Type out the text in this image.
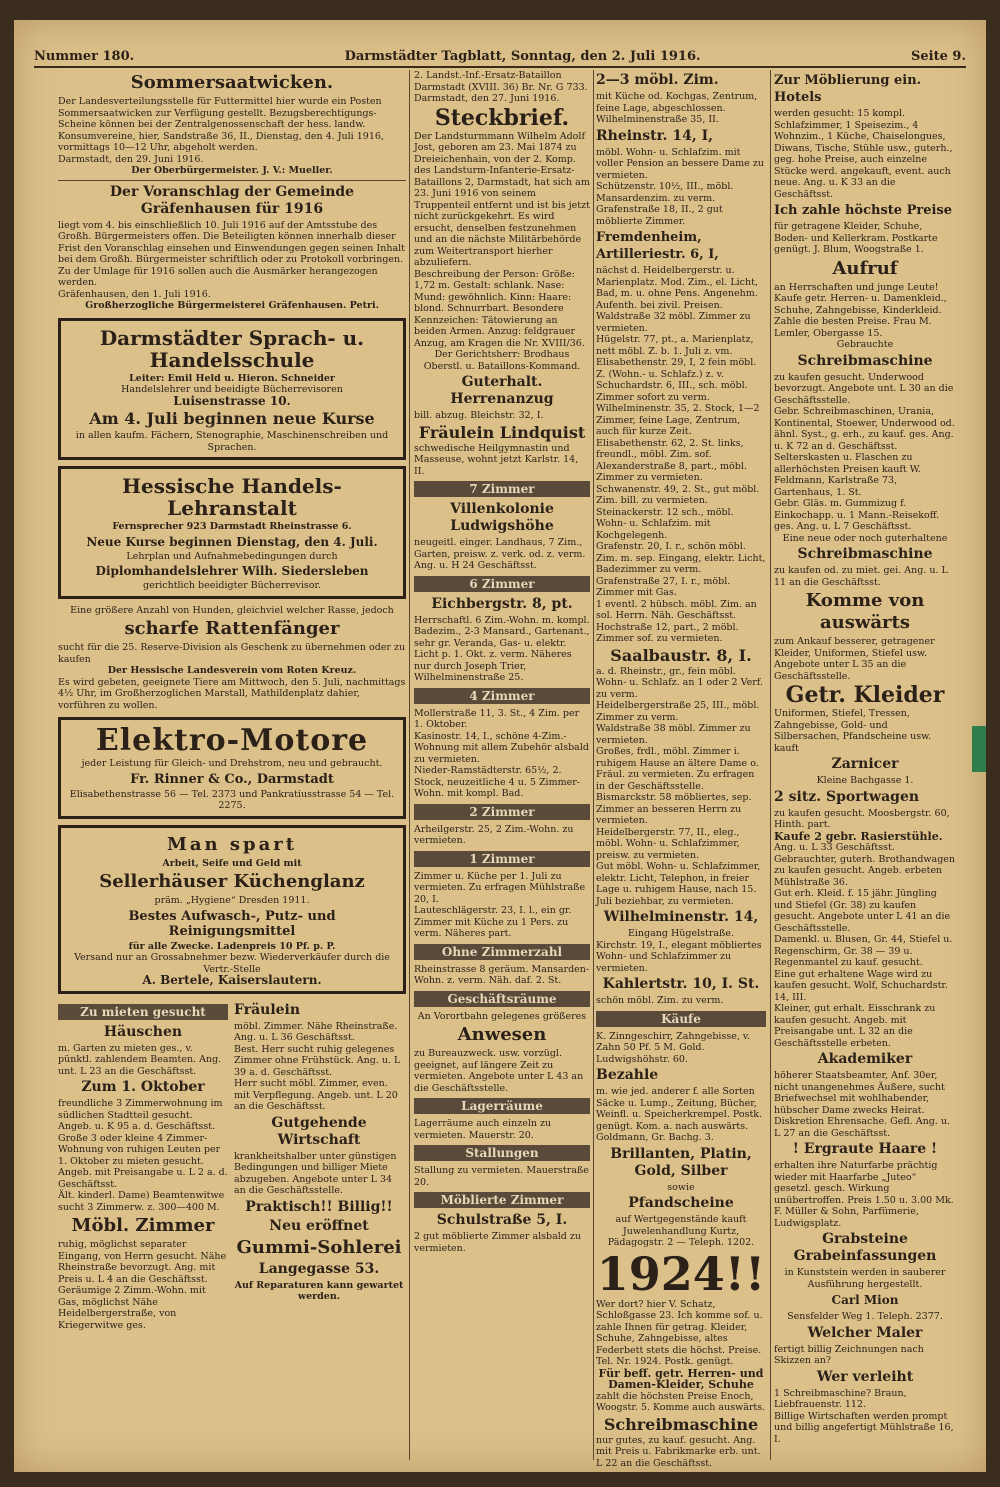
Nummer 180.	Darmstädter Tagblatt, Sonntag, den 2. Juli 1916.	Seite 9.
Sommersaatwicken.

Der Landesverteilungsstelle für Futtermittel hier wurde ein Posten Sommersaatwicken zur Verfügung gestellt. Bezugsberechtigungs-Scheine können bei der Zentralgenossenschaft der hess. landw. Konsumvereine, hier, Sandstraße 36, II., Dienstag, den 4. Juli 1916, vormittags 10—12 Uhr, abgeholt werden.

Darmstadt, den 29. Juni 1916.

Der Oberbürgermeister. J. V.: Mueller.

Der Voranschlag der Gemeinde Gräfenhausen für 1916

liegt vom 4. bis einschließlich 10. Juli 1916 auf der Amtsstube des Großh. Bürgermeisters offen. Die Beteiligten können innerhalb dieser Frist den Voranschlag einsehen und Einwendungen gegen seinen Inhalt bei dem Großh. Bürgermeister schriftlich oder zu Protokoll vorbringen. Zu der Umlage für 1916 sollen auch die Ausmärker herangezogen werden.

Gräfenhausen, den 1. Juli 1916.

Großherzogliche Bürgermeisterei Gräfenhausen. Petri.

Darmstädter Sprach- u. Handelsschule

Leiter: Emil Held u. Hieron. Schneider

Handelslehrer und beeidigte Bücherrevisoren

Luisenstrasse 10.

Am 4. Juli beginnen neue Kurse

in allen kaufm. Fächern, Stenographie, Maschinenschreiben und Sprachen.

Hessische Handels-Lehranstalt

Fernsprecher 923 Darmstadt Rheinstrasse 6.

Neue Kurse beginnen Dienstag, den 4. Juli.

Lehrplan und Aufnahmebedingungen durch

Diplomhandelslehrer Wilh. Siedersleben

gerichtlich beeidigter Bücherrevisor.

Eine größere Anzahl von Hunden, gleichviel welcher Rasse, jedoch

scharfe Rattenfänger

sucht für die 25. Reserve-Division als Geschenk zu übernehmen oder zu kaufen

Der Hessische Landesverein vom Roten Kreuz.

Es wird gebeten, geeignete Tiere am Mittwoch, den 5. Juli, nachmittags 4½ Uhr, im Großherzoglichen Marstall, Mathildenplatz dahier, vorführen zu wollen.

Elektro-Motore

jeder Leistung für Gleich- und Drehstrom, neu und gebraucht.

Fr. Rinner & Co., Darmstadt

Elisabethenstrasse 56 — Tel. 2373 und Pankratiusstrasse 54 — Tel. 2275.

Man spart

Arbeit, Seife und Geld mit

Sellerhäuser Küchenglanz

präm. „Hygiene“ Dresden 1911.

Bestes Aufwasch-, Putz- und Reinigungsmittel

für alle Zwecke. Ladenpreis 10 Pf. p. P.

Versand nur an Grossabnehmer bezw. Wiederverkäufer durch die Vertr.-Stelle

A. Bertele, Kaiserslautern.

Zu mieten gesucht
Häuschen

m. Garten zu mieten ges., v. pünktl. zahlendem Beamten. Ang. unt. L 23 an die Geschäftsst.

Zum 1. Oktober

freundliche 3 Zimmerwohnung im südlichen Stadtteil gesucht. Angeb. u. K 95 a. d. Geschäftsst.

Große 3 oder kleine 4 Zimmer-Wohnung von ruhigen Leuten per 1. Oktober zu mieten gesucht. Angeb. mit Preisangabe u. L 2 a. d. Geschäftsst.

Ält. kinderl. Dame) Beamtenwitwe sucht 3 Zimmerw. z. 300—400 M.

Möbl. Zimmer

ruhig, möglichst separater Eingang, von Herrn gesucht. Nähe Rheinstraße bevorzugt. Ang. mit Preis u. L 4 an die Geschäftsst.

Geräumige 2 Zimm.-Wohn. mit Gas, möglichst Nähe Heidelbergerstraße, von Kriegerwitwe ges.

Fräulein

möbl. Zimmer. Nähe Rheinstraße. Ang. u. L 36 Geschäftsst.

Best. Herr sucht ruhig gelegenes Zimmer ohne Frühstück. Ang. u. L 39 a. d. Geschäftsst.

Herr sucht möbl. Zimmer, even. mit Verpflegung. Angeb. unt. L 20 an die Geschäftsst.

Gutgehende Wirtschaft

krankheitshalber unter günstigen Bedingungen und billiger Miete abzugeben. Angebote unter L 34 an die Geschäftsstelle.

Praktisch!! Billig!!
Neu eröffnet
Gummi-Sohlerei
Langegasse 53.

Auf Reparaturen kann gewartet werden.

2. Landst.-Inf.-Ersatz-Bataillon Darmstadt (XVIII. 36) Br. Nr. G 733.

Darmstadt, den 27. Juni 1916.

Steckbrief.

Der Landsturmmann Wilhelm Adolf Jost, geboren am 23. Mai 1874 zu Dreieichenhain, von der 2. Komp. des Landsturm-Infanterie-Ersatz-Bataillons 2, Darmstadt, hat sich am 23. Juni 1916 von seinem Truppenteil entfernt und ist bis jetzt nicht zurückgekehrt. Es wird ersucht, denselben festzunehmen und an die nächste Militärbehörde zum Weitertransport hierher abzuliefern.

Beschreibung der Person: Größe: 1,72 m. Gestalt: schlank. Nase: Mund: gewöhnlich. Kinn: Haare: blond. Schnurrbart. Besondere Kennzeichen: Tätowierung an beiden Armen. Anzug: feldgrauer Anzug, am Kragen die Nr. XVIII/36.

Der Gerichtsherr: Brodhaus Oberstl. u. Bataillons-Kommand.

Guterhalt. Herrenanzug

bill. abzug. Bleichstr. 32, I.

Fräulein Lindquist

schwedische Heilgymnastin und Masseuse, wohnt jetzt Karlstr. 14, II.

7 Zimmer
Villenkolonie Ludwigshöhe

neugeitl. einger. Landhaus, 7 Zim., Garten, preisw. z. verk. od. z. verm. Ang. u. H 24 Geschäftsst.

6 Zimmer
Eichbergstr. 8, pt.

Herrschaftl. 6 Zim.-Wohn. m. kompl. Badezim., 2-3 Mansard., Gartenant., sehr gr. Veranda, Gas- u. elektr. Licht p. 1. Okt. z. verm. Näheres nur durch Joseph Trier, Wilhelminenstraße 25.

4 Zimmer

Mollerstraße 11, 3. St., 4 Zim. per 1. Oktober.

Kasinostr. 14, I., schöne 4-Zim.-Wohnung mit allem Zubehör alsbald zu vermieten.

Nieder-Ramstädterstr. 65½, 2. Stock, neuzeitliche 4 u. 5 Zimmer-Wohn. mit kompl. Bad.

2 Zimmer

Arheilgerstr. 25, 2 Zim.-Wohn. zu vermieten.

1 Zimmer

Zimmer u. Küche per 1. Juli zu vermieten. Zu erfragen Mühlstraße 20, I.

Lauteschlägerstr. 23, I. l., ein gr. Zimmer mit Küche zu 1 Pers. zu verm. Näheres part.

Ohne Zimmerzahl

Rheinstrasse 8 geräum. Mansarden-Wohn. z. verm. Näh. daf. 2. St.

Geschäftsräume

An Vorortbahn gelegenes größeres

Anwesen

zu Bureauzweck. usw. vorzügl. geeignet, auf längere Zeit zu vermieten. Angebote unter L 43 an die Geschäftsstelle.

Lagerräume

Lagerräume auch einzeln zu vermieten. Mauerstr. 20.

Stallungen

Stallung zu vermieten. Mauerstraße 20.

Möblierte Zimmer
Schulstraße 5, I.

2 gut möblierte Zimmer alsbald zu vermieten.

2—3 möbl. Zim.

mit Küche od. Kochgas, Zentrum, feine Lage, abgeschlossen. Wilhelminenstraße 35, II.

Rheinstr. 14, I,

möbl. Wohn- u. Schlafzim. mit voller Pension an bessere Dame zu vermieten.

Schützenstr. 10½, III., möbl. Mansardenzim. zu verm.

Grafenstraße 18, II., 2 gut möblierte Zimmer.

Fremdenheim, Artilleriestr. 6, I,

nächst d. Heidelbergerstr. u. Marienplatz. Mod. Zim., el. Licht, Bad, m. u. ohne Pens. Angenehm. Aufenth. bei zivil. Preisen.

Waldstraße 32 möbl. Zimmer zu vermieten.

Hügelstr. 77, pt., a. Marienplatz, nett möbl. Z. b. 1. Juli z. vm.

Elisabethenstr. 29, I, 2 fein möbl. Z. (Wohn.- u. Schlafz.) z. v.

Schuchardstr. 6, III., sch. möbl. Zimmer sofort zu verm.

Wilhelminenstr. 35, 2. Stock, 1—2 Zimmer, feine Lage, Zentrum, auch für kurze Zeit.

Elisabethenstr. 62, 2. St. links, freundl., möbl. Zim. sof.

Alexanderstraße 8, part., möbl. Zimmer zu vermieten.

Schwanenstr. 49, 2. St., gut möbl. Zim. bill. zu vermieten.

Steinackerstr. 12 sch., möbl. Wohn- u. Schlafzim. mit Kochgelegenh.

Grafenstr. 20, I. r., schön möbl. Zim. m. sep. Eingang, elektr. Licht, Badezimmer zu verm.

Grafenstraße 27, I. r., möbl. Zimmer mit Gas.

1 eventl. 2 hübsch. möbl. Zim. an sol. Herrn. Näh. Geschäftsst.

Hochstraße 12, part., 2 möbl. Zimmer sof. zu vermieten.

Saalbaustr. 8, I.

a. d. Rheinstr., gr., fein möbl. Wohn- u. Schlafz. an 1 oder 2 Verf. zu verm.

Heidelbergerstraße 25, III., möbl. Zimmer zu verm.

Waldstraße 38 möbl. Zimmer zu vermieten.

Großes, frdl., möbl. Zimmer i. ruhigem Hause an ältere Dame o. Fräul. zu vermieten. Zu erfragen in der Geschäftsstelle.

Bismarckstr. 58 möbliertes, sep. Zimmer an besseren Herrn zu vermieten.

Heidelbergerstr. 77, II., eleg., möbl. Wohn- u. Schlafzimmer, preisw. zu vermieten.

Gut möbl. Wohn- u. Schlafzimmer, elektr. Licht, Telephon, in freier Lage u. ruhigem Hause, nach 15. Juli beziehbar, zu vermieten.

Wilhelminenstr. 14,

Eingang Hügelstraße.

Kirchstr. 19, I., elegant möbliertes Wohn- und Schlafzimmer zu vermieten.

Kahlertstr. 10, I. St.

schön möbl. Zim. zu verm.

Käufe

K. Zinngeschirr, Zahngebisse, v. Zahn 50 Pf. 5 M. Gold. Ludwigshöhstr. 60.

Bezahle

m. wie jed. anderer f. alle Sorten Säcke u. Lump., Zeitung, Bücher, Weinfl. u. Speicherkrempel. Postk. genügt. Kom. a. nach auswärts. Goldmann, Gr. Bachg. 3.

Brillanten, Platin, Gold, Silber

sowie

Pfandscheine

auf Wertgegenstände kauft Juwelenhandlung Kurtz, Pädagogstr. 2 — Teleph. 1202.

1924!!

Wer dort? hier V. Schatz, Schloßgasse 23. Ich komme sof. u. zahle Ihnen für getrag. Kleider, Schuhe, Zahngebisse, altes Federbett stets die höchst. Preise. Tel. Nr. 1924. Postk. genügt.

Für beff. getr. Herren- und Damen-Kleider, Schuhe

zahlt die höchsten Preise Enoch, Woogstr. 5. Komme auch auswärts.

Schreibmaschine

nur gutes, zu kauf. gesucht. Ang. mit Preis u. Fabrikmarke erb. unt. L 22 an die Geschäftsst.

Zur Möblierung ein. Hotels

werden gesucht: 15 kompl. Schlafzimmer, 1 Speisezim., 4 Wohnzim., 1 Küche, Chaiselongues, Diwans, Tische, Stühle usw., guterh., geg. hohe Preise, auch einzelne Stücke werd. angekauft, event. auch neue. Ang. u. K 33 an die Geschäftsst.

Ich zahle höchste Preise

für getragene Kleider, Schuhe, Boden- und Kellerkram. Postkarte genügt. J. Blum, Woogstraße 1.

Aufruf

an Herrschaften und junge Leute! Kaufe getr. Herren- u. Damenkleid., Schuhe, Zahngebisse, Kinderkleid. Zahle die besten Preise. Frau M. Lemler, Obergasse 15.

Gebrauchte

Schreibmaschine

zu kaufen gesucht. Underwood bevorzugt. Angebote unt. L 30 an die Geschäftsstelle.

Gebr. Schreibmaschinen, Urania, Kontinental, Stoewer, Underwood od. ähnl. Syst., g. erh., zu kauf. ges. Ang. u. K 72 an d. Geschäftsst.

Selterskasten u. Flaschen zu allerhöchsten Preisen kauft W. Feldmann, Karlstraße 73, Gartenhaus, 1. St.

Gebr. Gläs. m. Gummizug f. Einkochapp. u. 1 Mann.-Reisekoff. ges. Ang. u. L 7 Geschäftsst.

Eine neue oder noch guterhaltene

Schreibmaschine

zu kaufen od. zu miet. gei. Ang. u. L 11 an die Geschäftsst.

Komme von auswärts

zum Ankauf besserer, getragener Kleider, Uniformen, Stiefel usw. Angebote unter L 35 an die Geschäftsstelle.

Getr. Kleider

Uniformen, Stiefel, Tressen, Zahngebisse, Gold- und Silbersachen, Pfandscheine usw. kauft

Zarnicer

Kleine Bachgasse 1.

2 sitz. Sportwagen

zu kaufen gesucht. Moosbergstr. 60, Hinth. part.

Kaufe 2 gebr. Rasierstühle.

Ang. u. L 33 Geschäftsst.

Gebrauchter, guterh. Brothandwagen zu kaufen gesucht. Angeb. erbeten Mühlstraße 36.

Gut erh. Kleid. f. 15 jähr. Jüngling und Stiefel (Gr. 38) zu kaufen gesucht. Angebote unter L 41 an die Geschäftsstelle.

Damenkl. u. Blusen, Gr. 44, Stiefel u. Regenschirm, Gr. 38 — 39 u. Regenmantel zu kauf. gesucht.

Eine gut erhaltene Wage wird zu kaufen gesucht. Wolf, Schuchardstr. 14, III.

Kleiner, gut erhalt. Eisschrank zu kaufen gesucht. Angeb. mit Preisangabe unt. L 32 an die Geschäftsstelle erbeten.

Akademiker

höherer Staatsbeamter, Anf. 30er, nicht unangenehmes Äußere, sucht Briefwechsel mit wohlhabender, hübscher Dame zwecks Heirat. Diskretion Ehrensache. Gefl. Ang. u. L 27 an die Geschäftsst.

! Ergraute Haare !

erhalten ihre Naturfarbe prächtig wieder mit Haarfarbe „Juteo“ gesetzl. gesch. Wirkung unübertroffen. Preis 1.50 u. 3.00 Mk. F. Müller & Sohn, Parfümerie, Ludwigsplatz.

Grabsteine Grabeinfassungen

in Kunststein werden in sauberer Ausführung hergestellt.

Carl Mion

Sensfelder Weg 1. Teleph. 2377.

Welcher Maler

fertigt billig Zeichnungen nach Skizzen an?

Wer verleiht

1 Schreibmaschine? Braun, Liebfrauenstr. 112.

Billige Wirtschaften werden prompt und billig angefertigt Mühlstraße 16, I.
